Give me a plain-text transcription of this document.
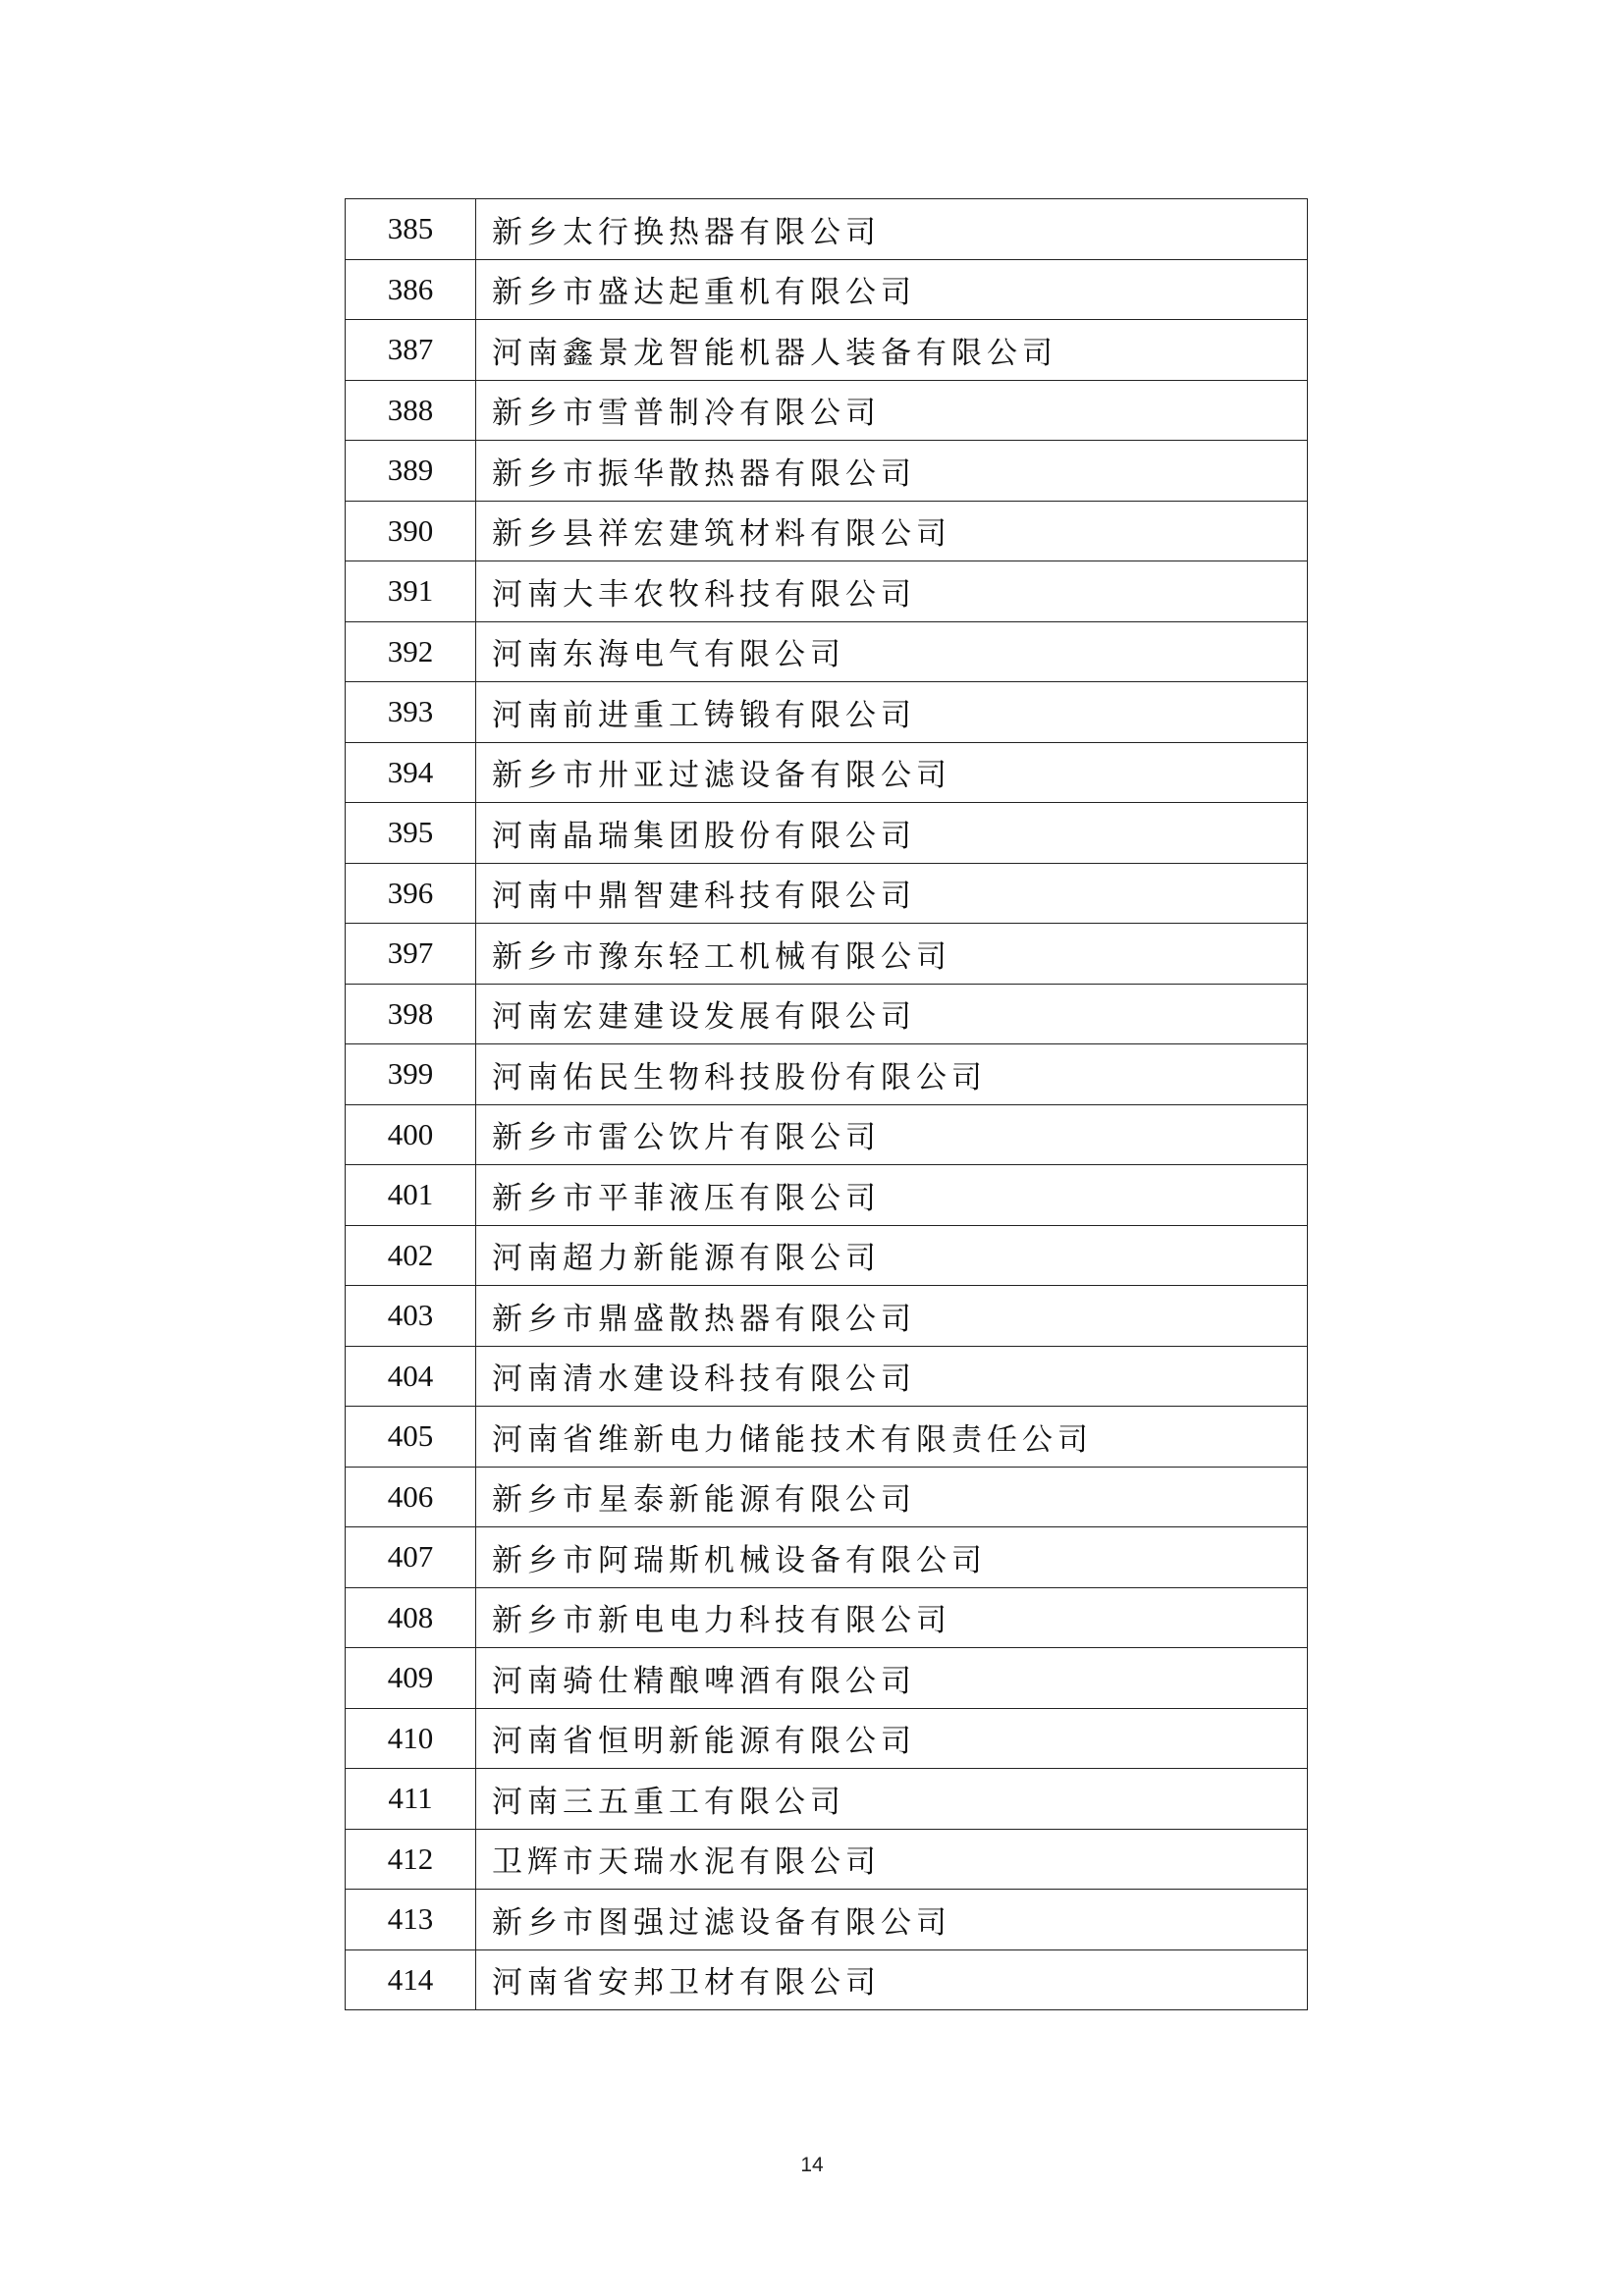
385	新乡太行换热器有限公司
386	新乡市盛达起重机有限公司
387	河南鑫景龙智能机器人装备有限公司
388	新乡市雪普制冷有限公司
389	新乡市振华散热器有限公司
390	新乡县祥宏建筑材料有限公司
391	河南大丰农牧科技有限公司
392	河南东海电气有限公司
393	河南前进重工铸锻有限公司
394	新乡市卅亚过滤设备有限公司
395	河南晶瑞集团股份有限公司
396	河南中鼎智建科技有限公司
397	新乡市豫东轻工机械有限公司
398	河南宏建建设发展有限公司
399	河南佑民生物科技股份有限公司
400	新乡市雷公饮片有限公司
401	新乡市平菲液压有限公司
402	河南超力新能源有限公司
403	新乡市鼎盛散热器有限公司
404	河南清水建设科技有限公司
405	河南省维新电力储能技术有限责任公司
406	新乡市星泰新能源有限公司
407	新乡市阿瑞斯机械设备有限公司
408	新乡市新电电力科技有限公司
409	河南骑仕精酿啤酒有限公司
410	河南省恒明新能源有限公司
411	河南三五重工有限公司
412	卫辉市天瑞水泥有限公司
413	新乡市图强过滤设备有限公司
414	河南省安邦卫材有限公司
14
